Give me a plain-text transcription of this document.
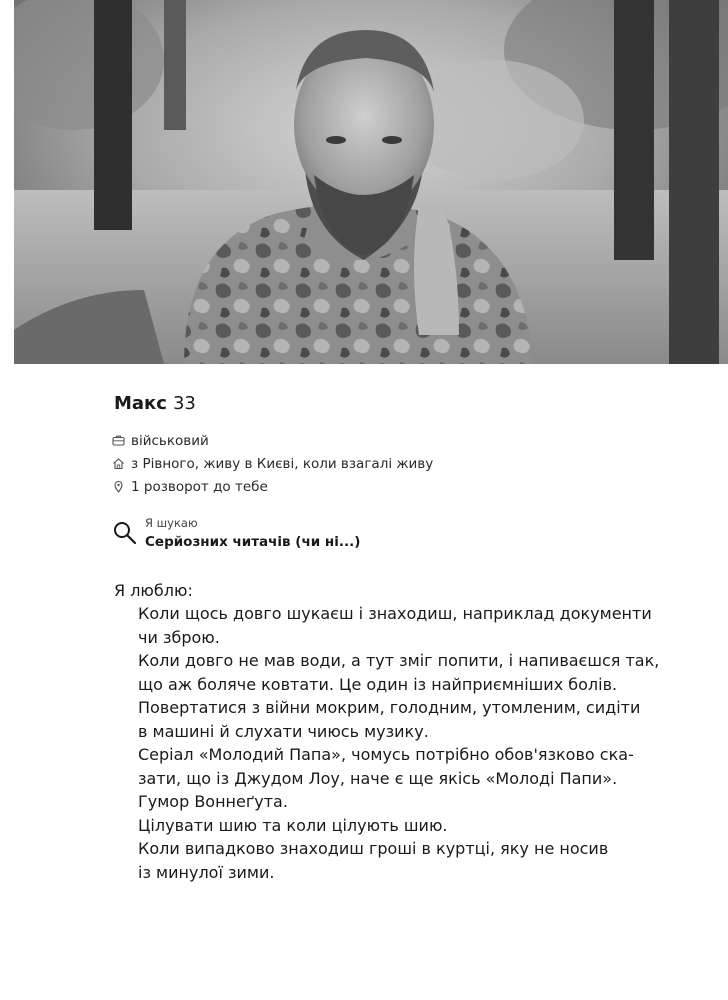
Макс 33
військовий
з Рівного, живу в Києві, коли взагалі живу
1 розворот до тебе
Я шукаю
Серйозних читачів (чи ні...)
Я люблю:
Коли щось довго шукаєш і знаходиш, наприклад документи
чи зброю.
Коли довго не мав води, а тут зміг попити, і напиваєшся так,
що аж боляче ковтати. Це один із найприємніших болів.
Повертатися з війни мокрим, голодним, утомленим, сидіти
в машині й слухати чиюсь музику.
Серіал «Молодий Папа», чомусь потрібно обов'язково ска-
зати, що із Джудом Лоу, наче є ще якісь «Молоді Папи».
Гумор Воннеґута.
Цілувати шию та коли цілують шию.
Коли випадково знаходиш гроші в куртці, яку не носив
із минулої зими.
